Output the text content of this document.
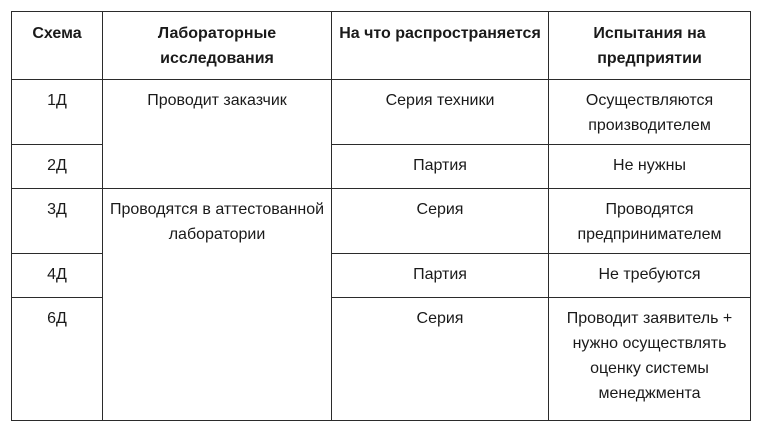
Схема	Лабораторные исследования	На что распространяется	Испытания на предприятии
1Д	Проводит заказчик	Серия техники	Осуществляются производителем
2Д		Партия	Не нужны
3Д	Проводятся в аттестованной лаборатории	Серия	Проводятся предпринимателем
4Д		Партия	Не требуются
6Д		Серия	Проводит заявитель + нужно осуществлять оценку системы менеджмента
